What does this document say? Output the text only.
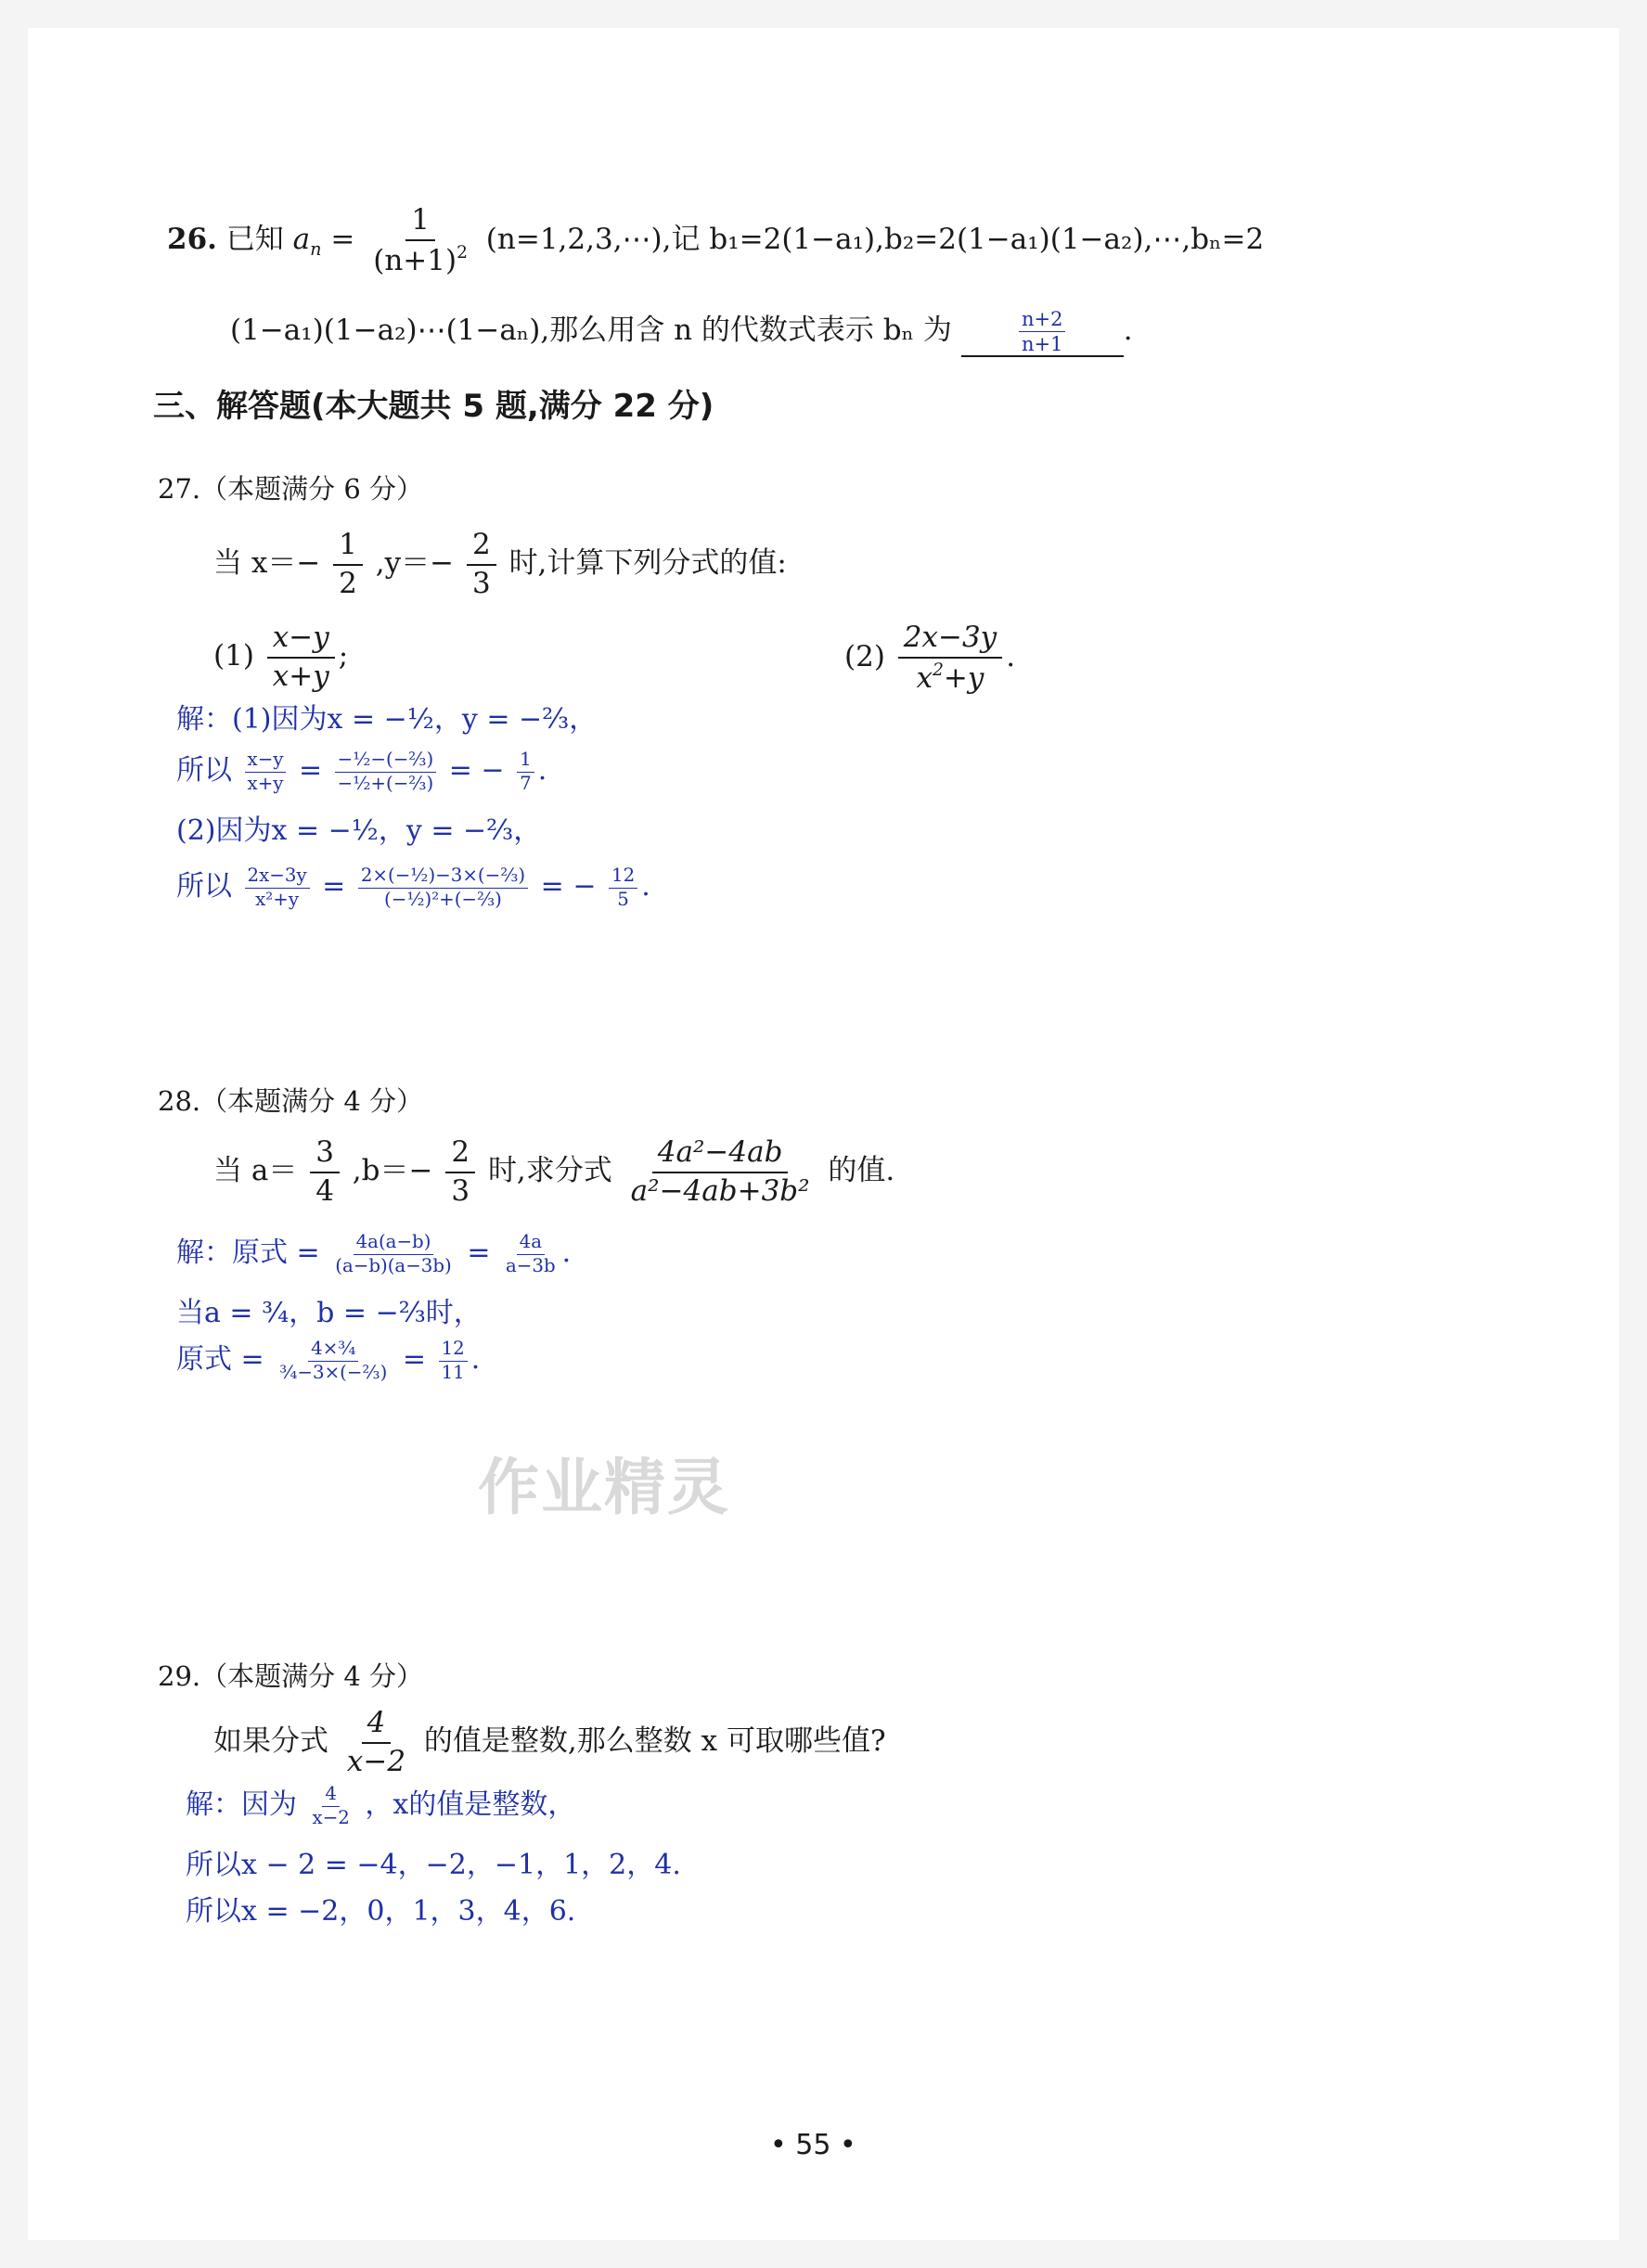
26. 已知 $a_n = \frac{1}{(n+1)^2}$ (n=1,2,3,⋯),记 b₁=2(1−a₁),b₂=2(1−a₁)(1−a₂),⋯,bₙ=2
(1−a₁)(1−a₂)⋯(1−aₙ),那么用含 n 的代数式表示 bₙ 为	$\frac{n+2}{n+1}$ .
三、解答题(本大题共 5 题,满分 22 分)
27.（本题满分 6 分）
当 $x=- \frac{1}{2} ,y=- \frac{2}{3}$ 时,计算下列分式的值:
$(1) \frac{x-y}{x+y}$ ;	$(2) \frac{2x-3y}{x^2+y}$ .
解：(1)因为x = −½，y = −⅔，
所以 $\frac{x-y}{x+y} = \frac{\text{−½−(−⅔)}}{\text{−½+(−⅔)}}$ = − $\frac{1}{7}$ .
(2)因为x = −½，y = −⅔，
所以 $\frac{2x-3y}{\text{x²+y}} = \frac{\text{2×(−½)−3×(−⅔)}}{\text{(−½)²+(−⅔)}}$ = − $\frac{12}{5}$ .
28.（本题满分 4 分）
当 $a= \frac{3}{4} ,b=- \frac{2}{3}$ 时,求分式 $\frac{\text{4a²−4ab}}{\text{a²−4ab+3b²}}$ 的值.
解：原式 = $\frac{4a(a-b)}{(a-b)(a-3b)} = \frac{4a}{a-3b}$ .
当a = ¾，b = −⅔时，
原式 = $\frac{\text{4×¾}}{\text{¾−3×(−⅔)}} = \frac{12}{11}$ .
作业精灵
29.（本题满分 4 分）
如果分式 $\frac{4}{x-2}$ 的值是整数,那么整数 x 可取哪些值?
解：因为 $\frac{4}{x-2}$ ，x的值是整数，
所以x − 2 = −4，−2，−1，1，2，4.
所以x = −2，0，1，3，4，6.
• 55 •
